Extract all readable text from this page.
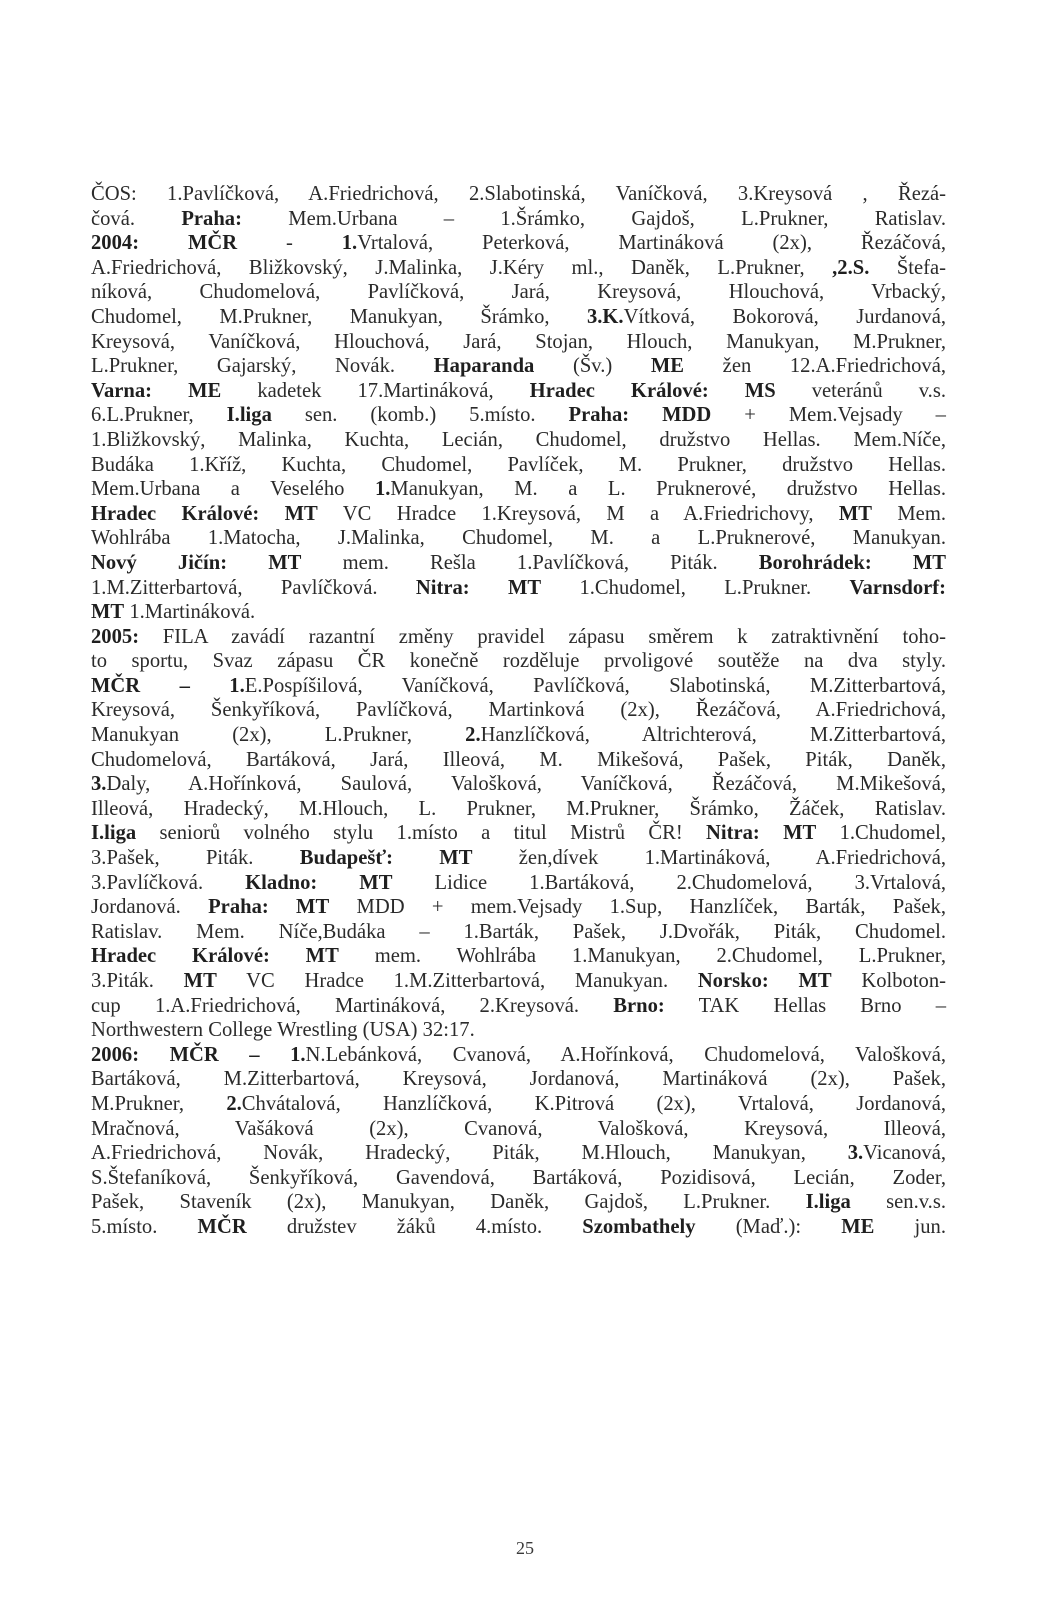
ČOS: 1.Pavlíčková, A.Friedrichová, 2.Slabotinská, Vaníčková, 3.Kreysová , Řezá-
čová. Praha: Mem.Urbana – 1.Šrámko, Gajdoš, L.Prukner, Ratislav.
2004: MČR - 1.Vrtalová, Peterková, Martináková (2x), Řezáčová,
A.Friedrichová, Bližkovský, J.Malinka, J.Kéry ml., Daněk, L.Prukner, ,2.S. Štefa-
níková, Chudomelová, Pavlíčková, Jará, Kreysová, Hlouchová, Vrbacký,
Chudomel, M.Prukner, Manukyan, Šrámko, 3.K.Vítková, Bokorová, Jurdanová,
Kreysová, Vaníčková, Hlouchová, Jará, Stojan, Hlouch, Manukyan, M.Prukner,
L.Prukner, Gajarský, Novák. Haparanda (Šv.) ME žen 12.A.Friedrichová,
Varna: ME kadetek 17.Martináková, Hradec Králové: MS veteránů v.s.
6.L.Prukner, I.liga sen. (komb.) 5.místo. Praha: MDD + Mem.Vejsady –
1.Bližkovský, Malinka, Kuchta, Lecián, Chudomel, družstvo Hellas. Mem.Níče,
Budáka 1.Kříž, Kuchta, Chudomel, Pavlíček, M. Prukner, družstvo Hellas.
Mem.Urbana a Veselého 1.Manukyan, M. a L. Pruknerové, družstvo Hellas.
Hradec Králové: MT VC Hradce 1.Kreysová, M a A.Friedrichovy, MT Mem.
Wohlrába 1.Matocha, J.Malinka, Chudomel, M. a L.Pruknerové, Manukyan.
Nový Jičín: MT mem. Rešla 1.Pavlíčková, Piták. Borohrádek: MT
1.M.Zitterbartová, Pavlíčková. Nitra: MT 1.Chudomel, L.Prukner. Varnsdorf:
MT 1.Martináková.
2005: FILA zavádí razantní změny pravidel zápasu směrem k zatraktivnění toho-
to sportu, Svaz zápasu ČR konečně rozděluje prvoligové soutěže na dva styly.
MČR – 1.E.Pospíšilová, Vaníčková, Pavlíčková, Slabotinská, M.Zitterbartová,
Kreysová, Šenkyříková, Pavlíčková, Martinková (2x), Řezáčová, A.Friedrichová,
Manukyan (2x), L.Prukner, 2.Hanzlíčková, Altrichterová, M.Zitterbartová,
Chudomelová, Bartáková, Jará, Illeová, M. Mikešová, Pašek, Piták, Daněk,
3.Daly, A.Hořínková, Saulová, Valošková, Vaníčková, Řezáčová, M.Mikešová,
Illeová, Hradecký, M.Hlouch, L. Prukner, M.Prukner, Šrámko, Žáček, Ratislav.
I.liga seniorů volného stylu 1.místo a titul Mistrů ČR! Nitra: MT 1.Chudomel,
3.Pašek, Piták. Budapešť: MT žen,dívek 1.Martináková, A.Friedrichová,
3.Pavlíčková. Kladno: MT Lidice 1.Bartáková, 2.Chudomelová, 3.Vrtalová,
Jordanová. Praha: MT MDD + mem.Vejsady 1.Sup, Hanzlíček, Barták, Pašek,
Ratislav. Mem. Níče,Budáka – 1.Barták, Pašek, J.Dvořák, Piták, Chudomel.
Hradec Králové: MT mem. Wohlrába 1.Manukyan, 2.Chudomel, L.Prukner,
3.Piták. MT VC Hradce 1.M.Zitterbartová, Manukyan. Norsko: MT Kolboton-
cup 1.A.Friedrichová, Martináková, 2.Kreysová. Brno: TAK Hellas Brno –
Northwestern College Wrestling (USA) 32:17.
2006: MČR – 1.N.Lebánková, Cvanová, A.Hořínková, Chudomelová, Valošková,
Bartáková, M.Zitterbartová, Kreysová, Jordanová, Martináková (2x), Pašek,
M.Prukner, 2.Chvátalová, Hanzlíčková, K.Pitrová (2x), Vrtalová, Jordanová,
Mračnová, Vašáková (2x), Cvanová, Valošková, Kreysová, Illeová,
A.Friedrichová, Novák, Hradecký, Piták, M.Hlouch, Manukyan, 3.Vicanová,
S.Štefaníková, Šenkyříková, Gavendová, Bartáková, Pozidisová, Lecián, Zoder,
Pašek, Staveník (2x), Manukyan, Daněk, Gajdoš, L.Prukner. I.liga sen.v.s.
5.místo. MČR družstev žáků 4.místo. Szombathely (Maď.): ME jun.
25
